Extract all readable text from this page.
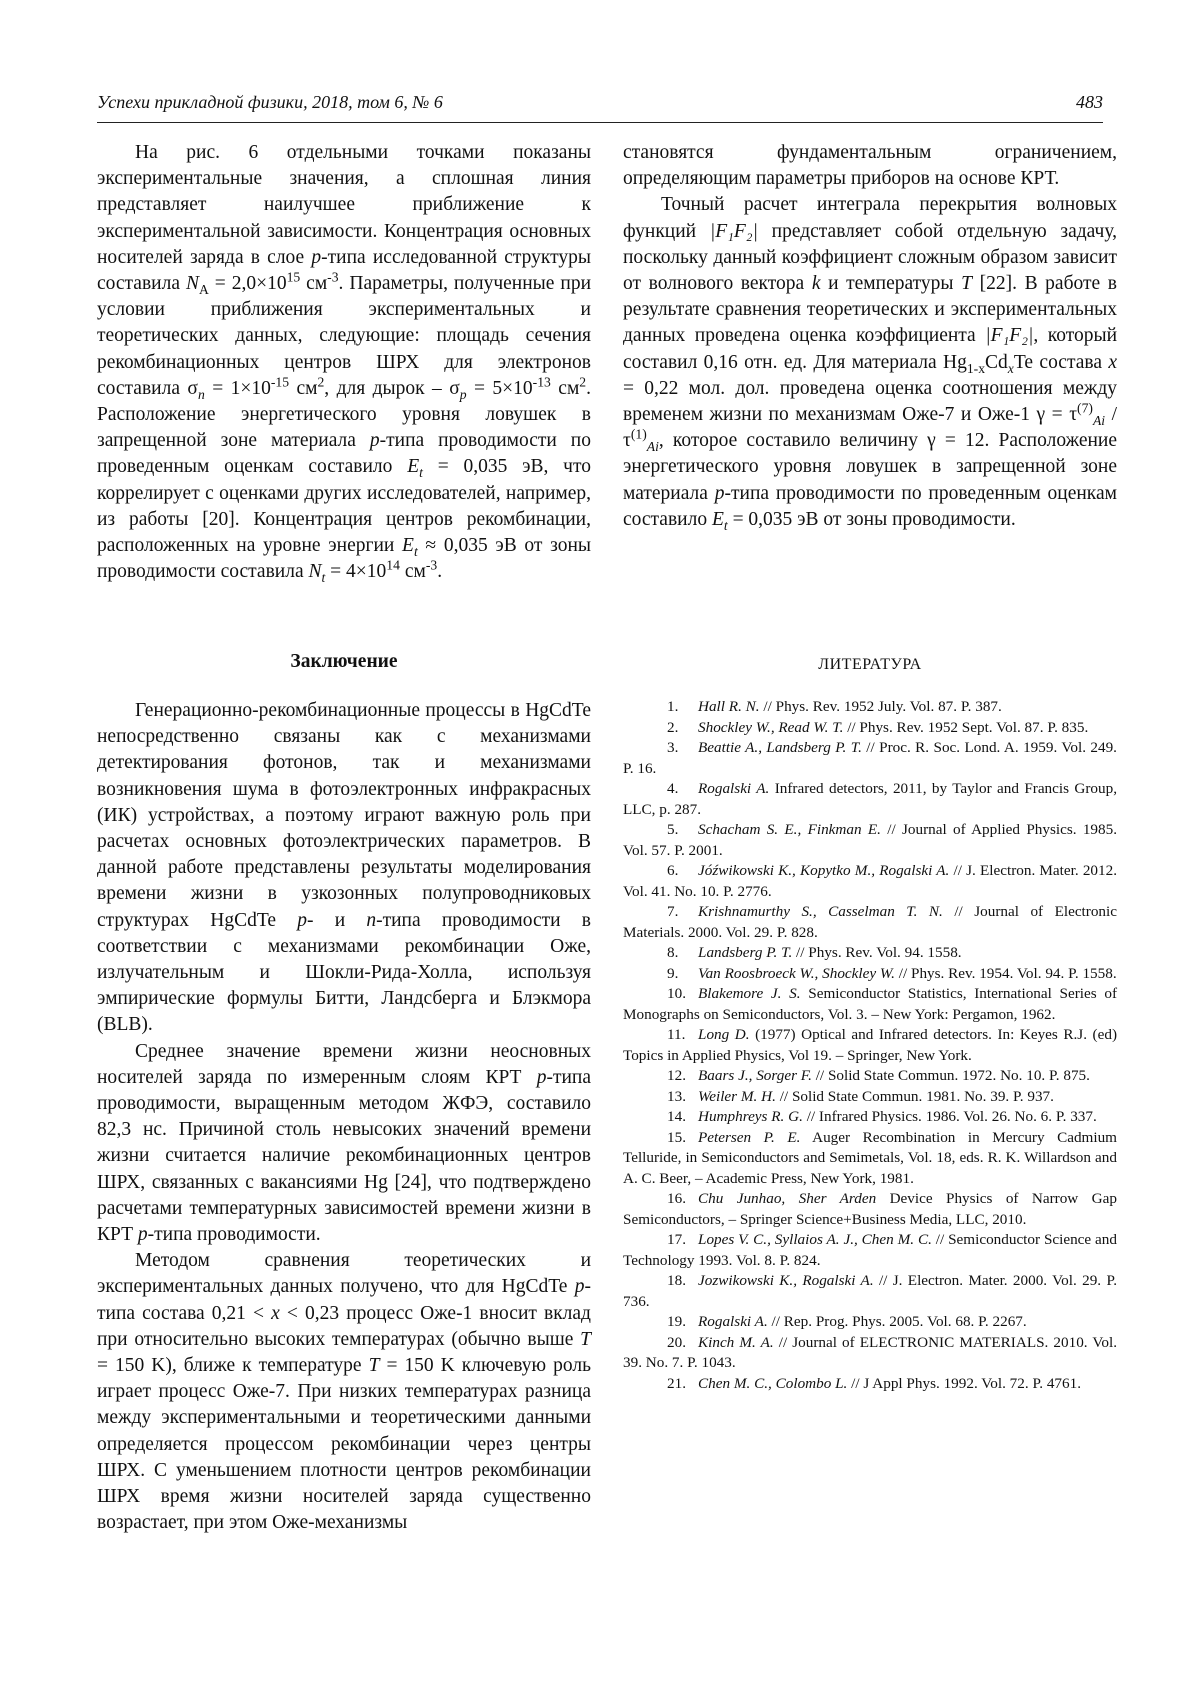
Успехи прикладной физики, 2018, том 6, № 6	483

На рис. 6 отдельными точками показаны экспериментальные значения, а сплошная линия представляет наилучшее приближение к экспериментальной зависимости. Концентрация основных носителей заряда в слое p-типа исследованной структуры составила $N_A = 2,0\times 10^{15}$ $см^{-3}$. Параметры, полученные при условии приближения экспериментальных и теоретических данных, следующие: площадь сечения рекомбинационных центров ШРХ для электронов составила $\sigma_n = 1\times 10^{-15}$ $см^2$, для дырок – $\sigma_p = 5\times 10^{-13}$ $см^2$. Расположение энергетического уровня ловушек в запрещенной зоне материала p-типа проводимости по проведенным оценкам составило $E_t = 0,035$ эВ, что коррелирует с оценками других исследователей, например, из работы [20]. Концентрация центров рекомбинации, расположенных на уровне энергии $E_t \approx 0,035$ эВ от зоны проводимости составила $N_t = 4\times 10^{14}$ $см^{-3}$.

Заключение

Генерационно-рекомбинационные процессы в HgCdTe непосредственно связаны как с механизмами детектирования фотонов, так и механизмами возникновения шума в фотоэлектронных инфракрасных (ИК) устройствах, а поэтому играют важную роль при расчетах основных фотоэлектрических параметров. В данной работе представлены результаты моделирования времени жизни в узкозонных полупроводниковых структурах HgCdTe p- и n-типа проводимости в соответствии с механизмами рекомбинации Оже, излучательным и Шокли-Рида-Холла, используя эмпирические формулы Битти, Ландсберга и Блэкмора (BLB).

Среднее значение времени жизни неосновных носителей заряда по измеренным слоям КРТ p-типа проводимости, выращенным методом ЖФЭ, составило 82,3 нс. Причиной столь невысоких значений времени жизни считается наличие рекомбинационных центров ШРХ, связанных с вакансиями Hg [24], что подтверждено расчетами температурных зависимостей времени жизни в КРТ p-типа проводимости.

Методом сравнения теоретических и экспериментальных данных получено, что для HgCdTe p-типа состава 0,21 < x < 0,23 процесс Оже-1 вносит вклад при относительно высоких температурах (обычно выше T = 150 K), ближе к температуре T = 150 K ключевую роль играет процесс Оже-7. При низких температурах разница между экспериментальными и теоретическими данными определяется процессом рекомбинации через центры ШРХ. С уменьшением плотности центров рекомбинации ШРХ время жизни носителей заряда существенно возрастает, при этом Оже-механизмы

становятся фундаментальным ограничением, определяющим параметры приборов на основе КРТ.

Точный расчет интеграла перекрытия волновых функций |F₁F₂| представляет собой отдельную задачу, поскольку данный коэффициент сложным образом зависит от волнового вектора k и температуры T [22]. В работе в результате сравнения теоретических и экспериментальных данных проведена оценка коэффициента |F₁F₂|, который составил 0,16 отн. ед. Для материала $Hg_{1-x}Cd_xTe$ состава x = 0,22 мол. дол. проведена оценка соотношения между временем жизни по механизмам Оже-7 и Оже-1 $\gamma = \tau^{(7)}_{Ai} / \tau^{(1)}_{Ai}$, которое составило величину γ = 12. Расположение энергетического уровня ловушек в запрещенной зоне материала p-типа проводимости по проведенным оценкам составило $E_t = 0,035$ эВ от зоны проводимости.

ЛИТЕРАТУРА

1. Hall R. N. // Phys. Rev. 1952 July. Vol. 87. P. 387.

2. Shockley W., Read W. T. // Phys. Rev. 1952 Sept. Vol. 87. P. 835.

3. Beattie A., Landsberg P. T. // Proc. R. Soc. Lond. A. 1959. Vol. 249. P. 16.

4. Rogalski A. Infrared detectors, 2011, by Taylor and Francis Group, LLC, p. 287.

5. Schacham S. E., Finkman E. // Journal of Applied Physics. 1985. Vol. 57. P. 2001.

6. Jóźwikowski K., Kopytko M., Rogalski A. // J. Electron. Mater. 2012. Vol. 41. No. 10. P. 2776.

7. Krishnamurthy S., Casselman T. N. // Journal of Electronic Materials. 2000. Vol. 29. P. 828.

8. Landsberg P. T. // Phys. Rev. Vol. 94. 1558.

9. Van Roosbroeck W., Shockley W. // Phys. Rev. 1954. Vol. 94. P. 1558.

10. Blakemore J. S. Semiconductor Statistics, International Series of Monographs on Semiconductors, Vol. 3. – New York: Pergamon, 1962.

11. Long D. (1977) Optical and Infrared detectors. In: Keyes R.J. (ed) Topics in Applied Physics, Vol 19. – Springer, New York.

12. Baars J., Sorger F. // Solid State Commun. 1972. No. 10. P. 875.

13. Weiler M. H. // Solid State Commun. 1981. No. 39. P. 937.

14. Humphreys R. G. // Infrared Physics. 1986. Vol. 26. No. 6. P. 337.

15. Petersen P. E. Auger Recombination in Mercury Cadmium Telluride, in Semiconductors and Semimetals, Vol. 18, eds. R. K. Willardson and A. C. Beer, – Academic Press, New York, 1981.

16. Chu Junhao, Sher Arden Device Physics of Narrow Gap Semiconductors, – Springer Science+Business Media, LLC, 2010.

17. Lopes V. C., Syllaios A. J., Chen M. C. // Semiconductor Science and Technology 1993. Vol. 8. P. 824.

18. Jozwikowski K., Rogalski A. // J. Electron. Mater. 2000. Vol. 29. P. 736.

19. Rogalski A. // Rep. Prog. Phys. 2005. Vol. 68. P. 2267.

20. Kinch M. A. // Journal of ELECTRONIC MATERIALS. 2010. Vol. 39. No. 7. P. 1043.

21. Chen M. C., Colombo L. // J Appl Phys. 1992. Vol. 72. P. 4761.
